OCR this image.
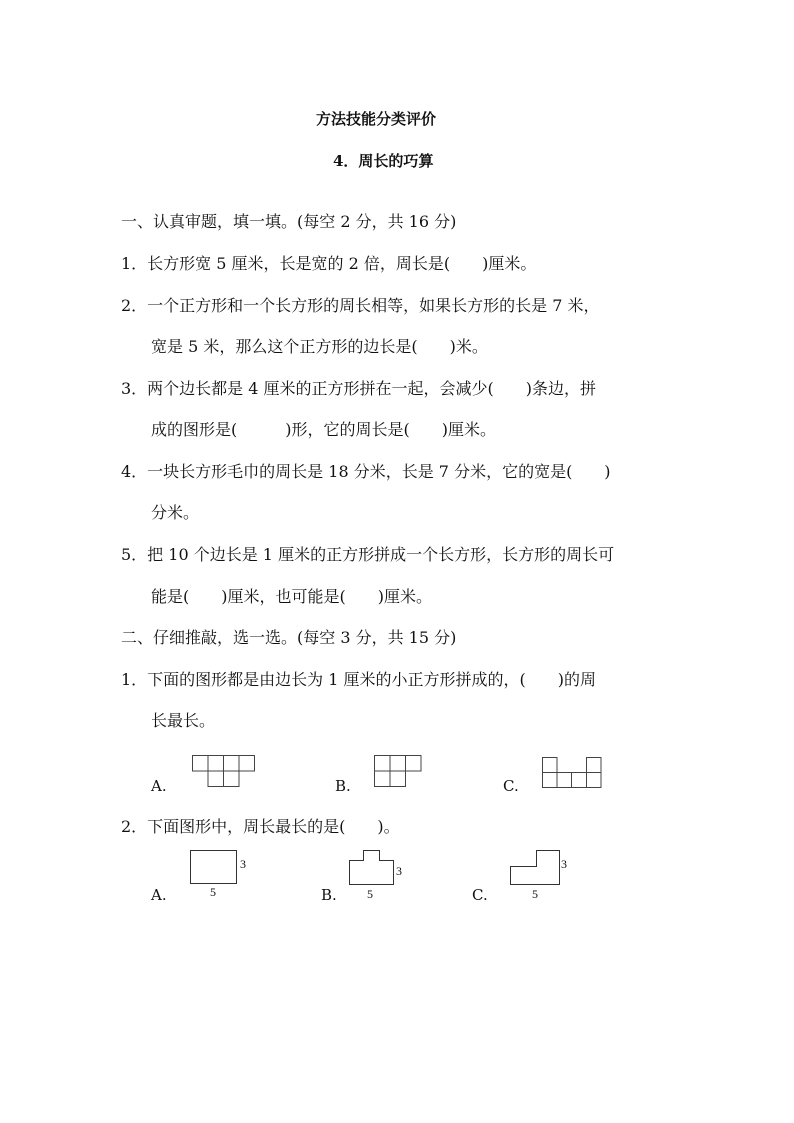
方法技能分类评价
4．周长的巧算
一、认真审题，填一填。(每空 2 分，共 16 分)
1．长方形宽 5 厘米，长是宽的 2 倍，周长是(　　)厘米。
2．一个正方形和一个长方形的周长相等，如果长方形的长是 7 米，
宽是 5 米，那么这个正方形的边长是(　　)米。
3．两个边长都是 4 厘米的正方形拼在一起，会减少(　　)条边，拼
成的图形是(　　　)形，它的周长是(　　)厘米。
4．一块长方形毛巾的周长是 18 分米，长是 7 分米，它的宽是(　　)
分米。
5．把 10 个边长是 1 厘米的正方形拼成一个长方形，长方形的周长可
能是(　　)厘米，也可能是(　　)厘米。
二、仔细推敲，选一选。(每空 3 分，共 15 分)
1．下面的图形都是由边长为 1 厘米的小正方形拼成的，(　　)的周
长最长。
A.	B.	C.
2．下面图形中，周长最长的是(　　)。
A.
3
5	B.
3
5	C.
3
5
